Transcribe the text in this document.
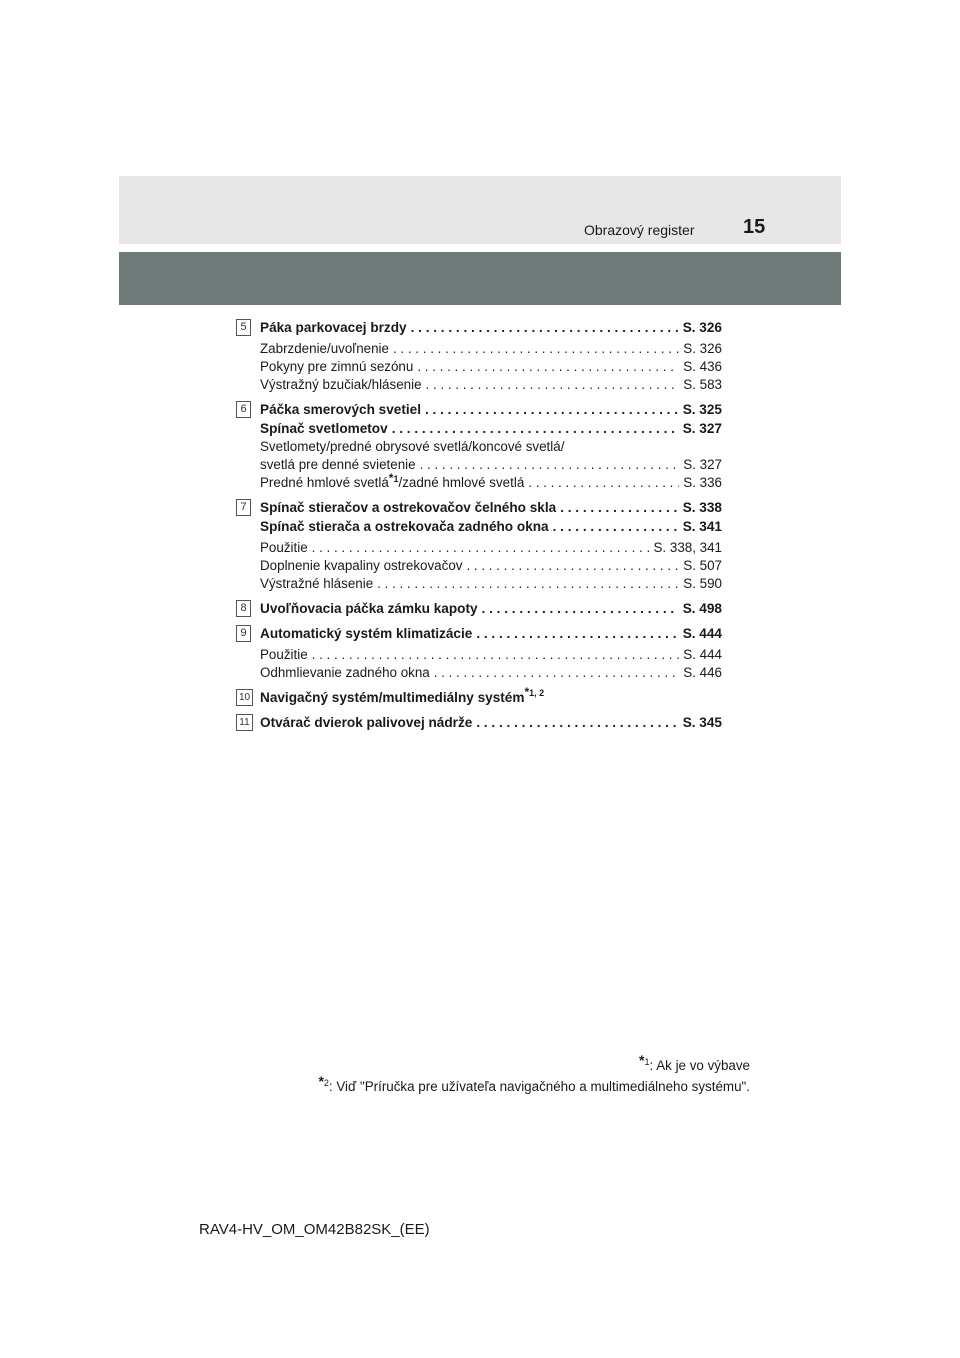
Obrazový register 15
5 Páka parkovacej brzdy . . .	S. 326
Zabrzdenie/uvoľnenie . . .	S. 326
Pokyny pre zimnú sezónu . . .	S. 436
Výstražný bzučiak/hlásenie . . .	S. 583
6 Páčka smerových svetiel . . .	S. 325
Spínač svetlometov . . .	S. 327
Svetlomety/predné obrysové svetlá/koncové svetlá/
svetlá pre denné svietenie . . .	S. 327
Predné hmlové svetlá$^{*1}$/zadné hmlové svetlá . . .	S. 336
7 Spínač stieračov a ostrekovačov čelného skla . . .	S. 338
Spínač stierača a ostrekovača zadného okna . . .	S. 341
Použitie . . .	S. 338, 341
Doplnenie kvapaliny ostrekovačov . . .	S. 507
Výstražné hlásenie . . .	S. 590
8 Uvoľňovacia páčka zámku kapoty . . .	S. 498
9 Automatický systém klimatizácie . . .	S. 444
Použitie . . .	S. 444
Odhmlievanie zadného okna . . .	S. 446
10 Navigačný systém/multimediálny systém$^{*1, 2}$
11 Otvárač dvierok palivovej nádrže . . .	S. 345
$^{*1}$: Ak je vo výbave
$^{*2}$: Viď "Príručka pre užívateľa navigačného a multimediálneho systému".
RAV4-HV_OM_OM42B82SK_(EE)
